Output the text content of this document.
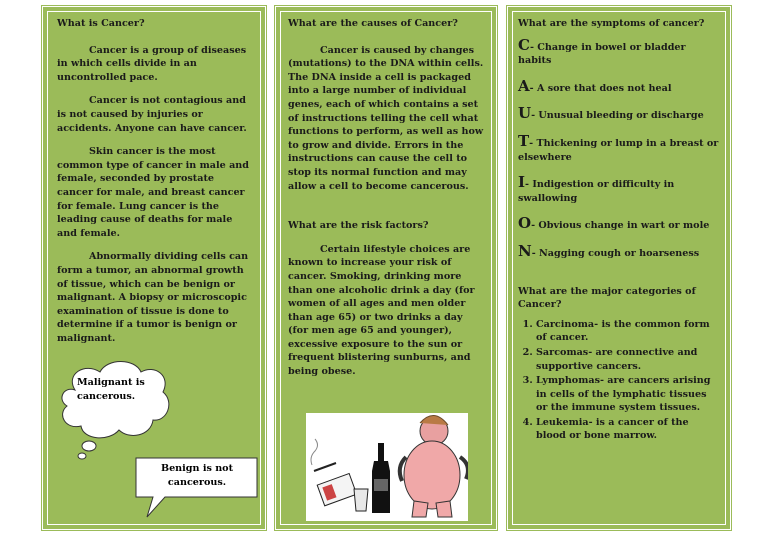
What is Cancer?

Cancer is a group of diseases in which cells divide in an uncontrolled pace.

Cancer is not contagious and is not caused by injuries or accidents. Anyone can have cancer.

Skin cancer is the most common type of cancer in male and female, seconded by prostate cancer for male, and breast cancer for female. Lung cancer is the leading cause of deaths for male and female.

Abnormally dividing cells can form a tumor, an abnormal growth of tissue, which can be benign or malignant. A biopsy or microscopic examination of tissue is done to determine if a tumor is benign or malignant.

Malignant is cancerous.
Benign is not cancerous.
What are the causes of Cancer?

Cancer is caused by changes (mutations) to the DNA within cells. The DNA inside a cell is packaged into a large number of individual genes, each of which contains a set of instructions telling the cell what functions to perform, as well as how to grow and divide. Errors in the instructions can cause the cell to stop its normal function and may allow a cell to become cancerous.

What are the risk factors?

Certain lifestyle choices are known to increase your risk of cancer. Smoking, drinking more than one alcoholic drink a day (for women of all ages and men older than age 65) or two drinks a day (for men age 65 and younger), excessive exposure to the sun or frequent blistering sunburns, and being obese.

What are the symptoms of cancer?
C- Change in bowel or bladder habits
A- A sore that does not heal
U- Unusual bleeding or discharge
T- Thickening or lump in a breast or elsewhere
I- Indigestion or difficulty in swallowing
O- Obvious change in wart or mole
N- Nagging cough or hoarseness
What are the major categories of Cancer?
1. Carcinoma- is the common form of cancer.
2. Sarcomas- are connective and supportive cancers.
3. Lymphomas- are cancers arising in cells of the lymphatic tissues or the immune system tissues.
4. Leukemia- is a cancer of the blood or bone marrow.
